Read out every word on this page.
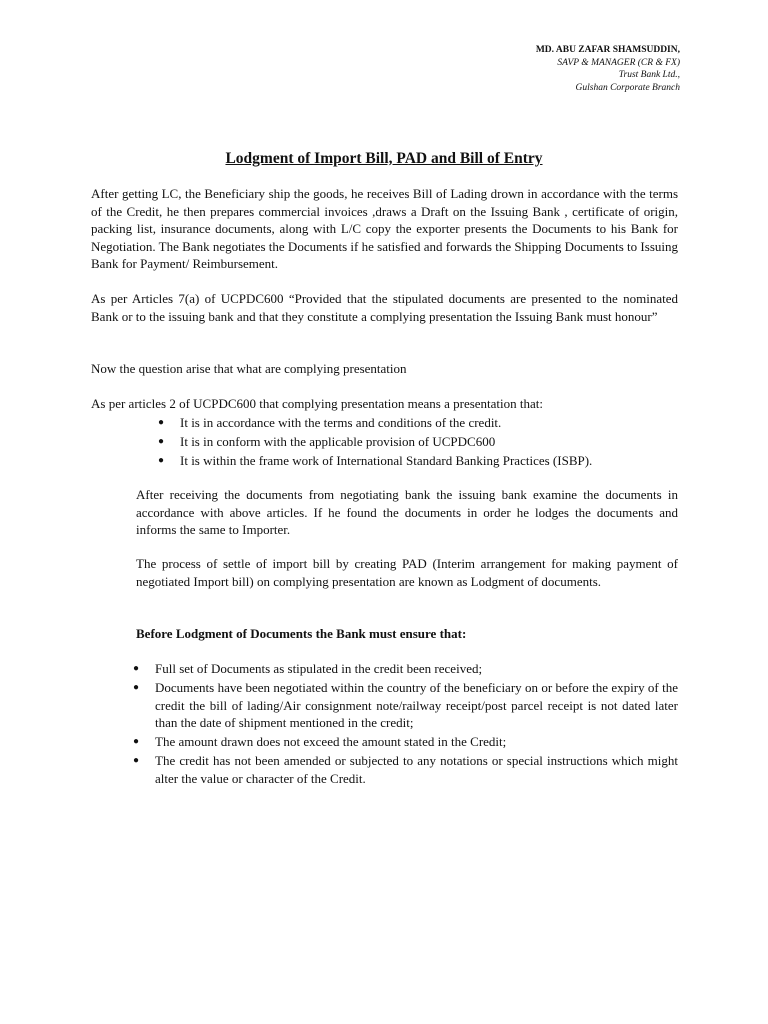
MD. ABU ZAFAR SHAMSUDDIN,
SAVP & MANAGER (CR & FX)
Trust Bank Ltd.,
Gulshan Corporate Branch
Lodgment of Import Bill, PAD and Bill of Entry

After getting LC, the Beneficiary ship the goods, he receives Bill of Lading drown in accordance with the terms of the Credit, he then prepares commercial invoices ,draws a Draft on the Issuing Bank , certificate of origin, packing list, insurance documents, along with L/C copy the exporter presents the Documents to his Bank for Negotiation. The Bank negotiates the Documents if he satisfied and forwards the Shipping Documents to Issuing Bank for Payment/ Reimbursement.

As per Articles 7(a) of UCPDC600 “Provided that the stipulated documents are presented to the nominated Bank or to the issuing bank and that they constitute a complying presentation the Issuing Bank must honour”

Now the question arise that what are complying presentation

As per articles 2 of UCPDC600 that complying presentation means a presentation that:

● It is in accordance with the terms and conditions of the credit.
● It is in conform with the applicable provision of UCPDC600
● It is within the frame work of International Standard Banking Practices (ISBP).

After receiving the documents from negotiating bank the issuing bank examine the documents in accordance with above articles. If he found the documents in order he lodges the documents and informs the same to Importer.

The process of settle of import bill by creating PAD (Interim arrangement for making payment of negotiated Import bill) on complying presentation are known as Lodgment of documents.

Before Lodgment of Documents the Bank must ensure that:

● Full set of Documents as stipulated in the credit been received;
● Documents have been negotiated within the country of the beneficiary on or before the expiry of the credit the bill of lading/Air consignment note/railway receipt/post parcel receipt is not dated later than the date of shipment mentioned in the credit;
● The amount drawn does not exceed the amount stated in the Credit;
● The credit has not been amended or subjected to any notations or special instructions which might alter the value or character of the Credit.
